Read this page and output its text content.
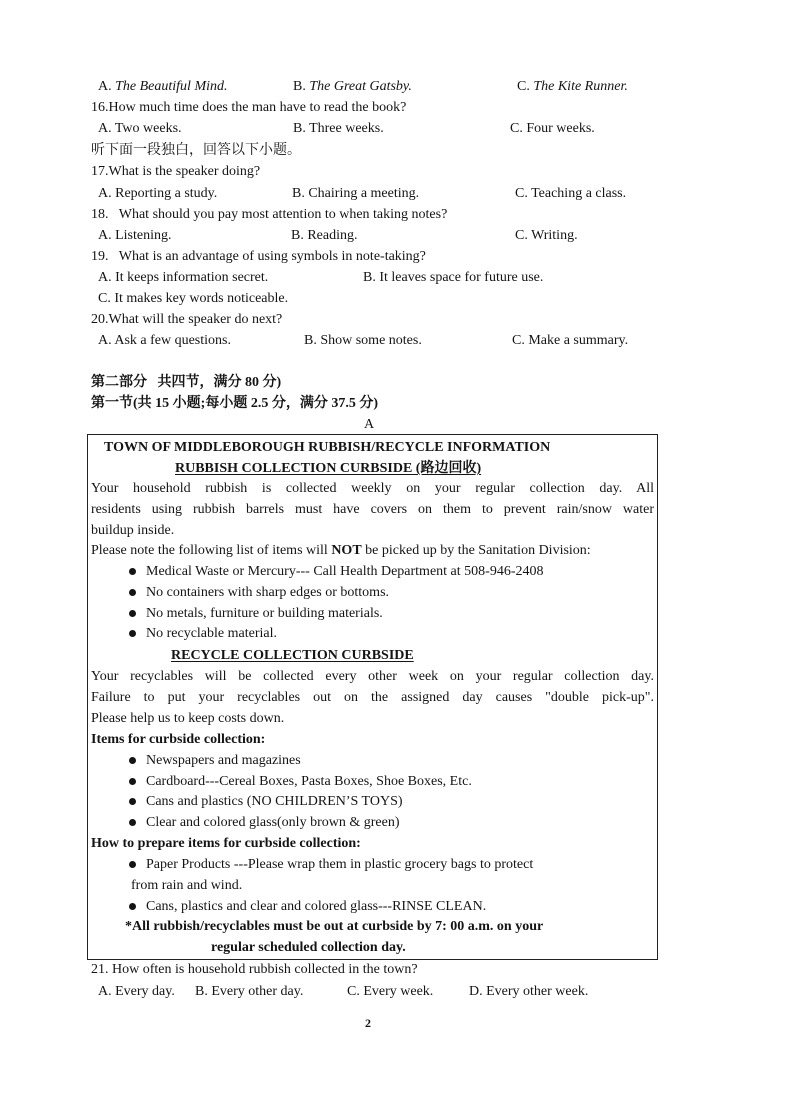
A. The Beautiful Mind.	B. The Great Gatsby.	C. The Kite Runner.
16.How much time does the man have to read the book?
A. Two weeks.	B. Three weeks.	C. Four weeks.
听下面一段独白，回答以下小题。
17.What is the speaker doing?
A. Reporting a study.	B. Chairing a meeting.	C. Teaching a class.
18.   What should you pay most attention to when taking notes?
A. Listening.	B. Reading.	C. Writing.
19.   What is an advantage of using symbols in note-taking?
A. It keeps information secret.	B. It leaves space for future use.
C. It makes key words noticeable.
20.What will the speaker do next?
A. Ask a few questions.	B. Show some notes.	C. Make a summary.
第二部分   共四节，满分 80 分)
第一节(共 15 小题;每小题 2.5 分，满分 37.5 分)
A
TOWN OF MIDDLEBOROUGH RUBBISH/RECYCLE INFORMATION
RUBBISH COLLECTION CURBSIDE (路边回收)
Your household rubbish is collected weekly on your regular collection day. All
residents using rubbish barrels must have covers on them to prevent rain/snow water
buildup inside.
Please note the following list of items will NOT be picked up by the Sanitation Division:
Medical Waste or Mercury--- Call Health Department at 508-946-2408
No containers with sharp edges or bottoms.
No metals, furniture or building materials.
No recyclable material.
RECYCLE COLLECTION CURBSIDE
Your recyclables will be collected every other week on your regular collection day.
Failure to put your recyclables out on the assigned day causes "double pick-up".
Please help us to keep costs down.
Items for curbside collection:
Newspapers and magazines
Cardboard---Cereal Boxes, Pasta Boxes, Shoe Boxes, Etc.
Cans and plastics (NO CHILDREN’S TOYS)
Clear and colored glass(only brown & green)
How to prepare items for curbside collection:
Paper Products ---Please wrap them in plastic grocery bags to protect
from rain and wind.
Cans, plastics and clear and colored glass---RINSE CLEAN.
*All rubbish/recyclables must be out at curbside by 7: 00 a.m. on your
regular scheduled collection day.
21. How often is household rubbish collected in the town?
A. Every day. B. Every other day.	C. Every week.	D. Every other week.
2
